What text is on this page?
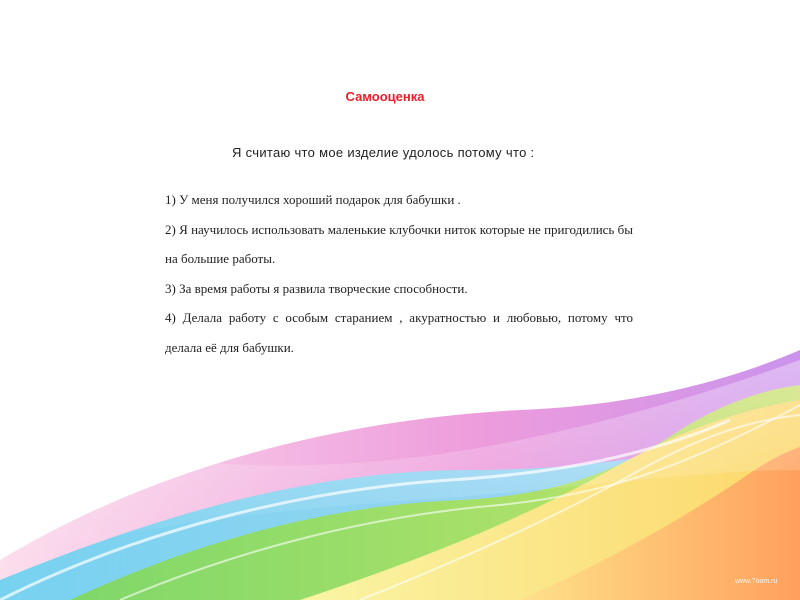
Самооценка
Я считаю что мое изделие удолось потому что :

1) У меня получился хороший подарок для бабушки .

2) Я научилось использовать маленькие клубочки ниток которые не пригодились бы на большие работы.

3) За время работы я развила творческие способности.

4) Делала работу с особым старанием , акуратностью и любовью, потому что делала её для бабушки.

www.7oom.ru
